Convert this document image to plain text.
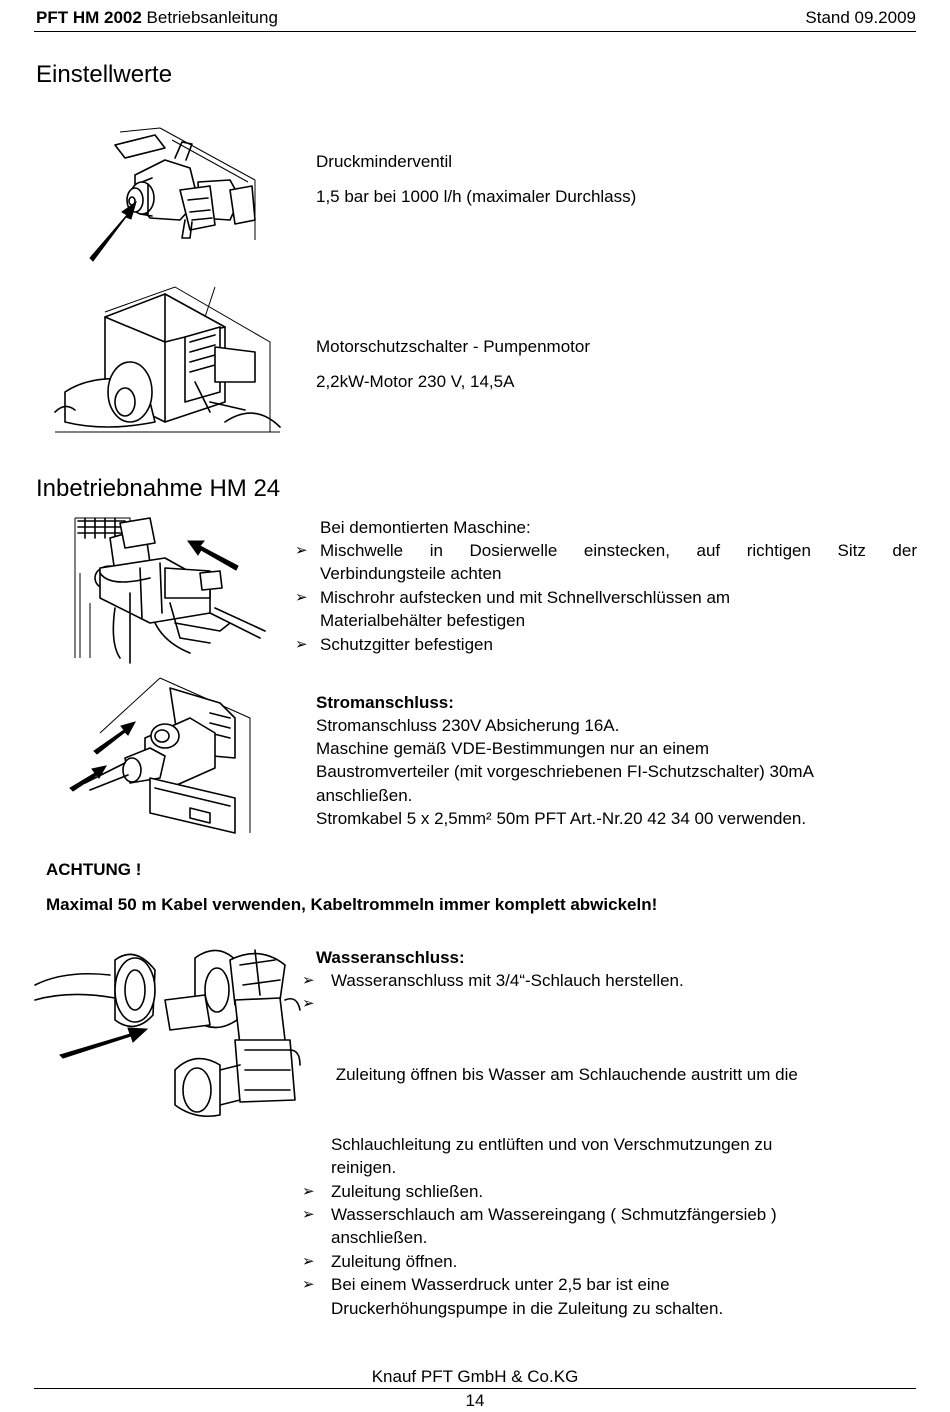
PFT HM 2002 Betriebsanleitung	Stand 09.2009
Einstellwerte
Druckminderventil
1,5 bar bei 1000 l/h (maximaler Durchlass)
Motorschutzschalter - Pumpenmotor
2,2kW-Motor 230 V, 14,5A
Inbetriebnahme HM 24
Bei demontierten Maschine:
➢ Mischwelle in Dosierwelle einstecken, auf richtigen Sitz der
Verbindungsteile achten
➢ Mischrohr aufstecken und mit Schnellverschlüssen am
Materialbehälter befestigen
➢ Schutzgitter befestigen
Stromanschluss:
Stromanschluss 230V Absicherung 16A.
Maschine gemäß VDE-Bestimmungen nur an einem
Baustromverteiler (mit vorgeschriebenen FI-Schutzschalter) 30mA
anschließen.
Stromkabel 5 x 2,5mm² 50m PFT Art.-Nr.20 42 34 00 verwenden.
ACHTUNG !
Maximal 50 m Kabel verwenden, Kabeltrommeln immer komplett abwickeln!
Wasseranschluss:
➢ Wasseranschluss mit 3/4“-Schlauch herstellen.

➢

Zuleitung öffnen bis Wasser am Schlauchende austritt um die

Schlauchleitung zu entlüften und von Verschmutzungen zu
reinigen.
➢ Zuleitung schließen.
➢ Wasserschlauch am Wassereingang ( Schmutzfängersieb )
anschließen.
➢ Zuleitung öffnen.
➢ Bei einem Wasserdruck unter 2,5 bar ist eine
Druckerhöhungspumpe in die Zuleitung zu schalten.
Knauf PFT GmbH & Co.KG
14
